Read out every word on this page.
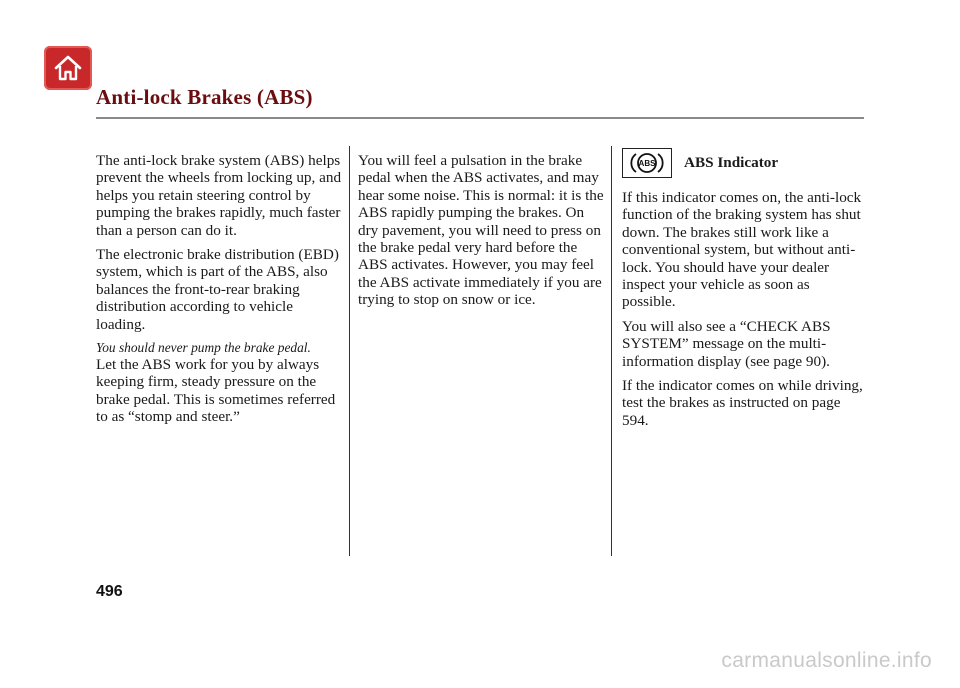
Anti-lock Brakes (ABS)

The anti-lock brake system (ABS) helps prevent the wheels from locking up, and helps you retain steering control by pumping the brakes rapidly, much faster than a person can do it.

The electronic brake distribution (EBD) system, which is part of the ABS, also balances the front-to-rear braking distribution according to vehicle loading.

You should never pump the brake pedal.

Let the ABS work for you by always keeping firm, steady pressure on the brake pedal. This is sometimes referred to as “stomp and steer.”

You will feel a pulsation in the brake pedal when the ABS activates, and may hear some noise. This is normal: it is the ABS rapidly pumping the brakes. On dry pavement, you will need to press on the brake pedal very hard before the ABS activates. However, you may feel the ABS activate immediately if you are trying to stop on snow or ice.

ABS ABS Indicator

If this indicator comes on, the anti-lock function of the braking system has shut down. The brakes still work like a conventional system, but without anti-lock. You should have your dealer inspect your vehicle as soon as possible.

You will also see a “CHECK ABS SYSTEM” message on the multi-information display (see page 90).

If the indicator comes on while driving, test the brakes as instructed on page 594.

496
carmanualsonline.info
